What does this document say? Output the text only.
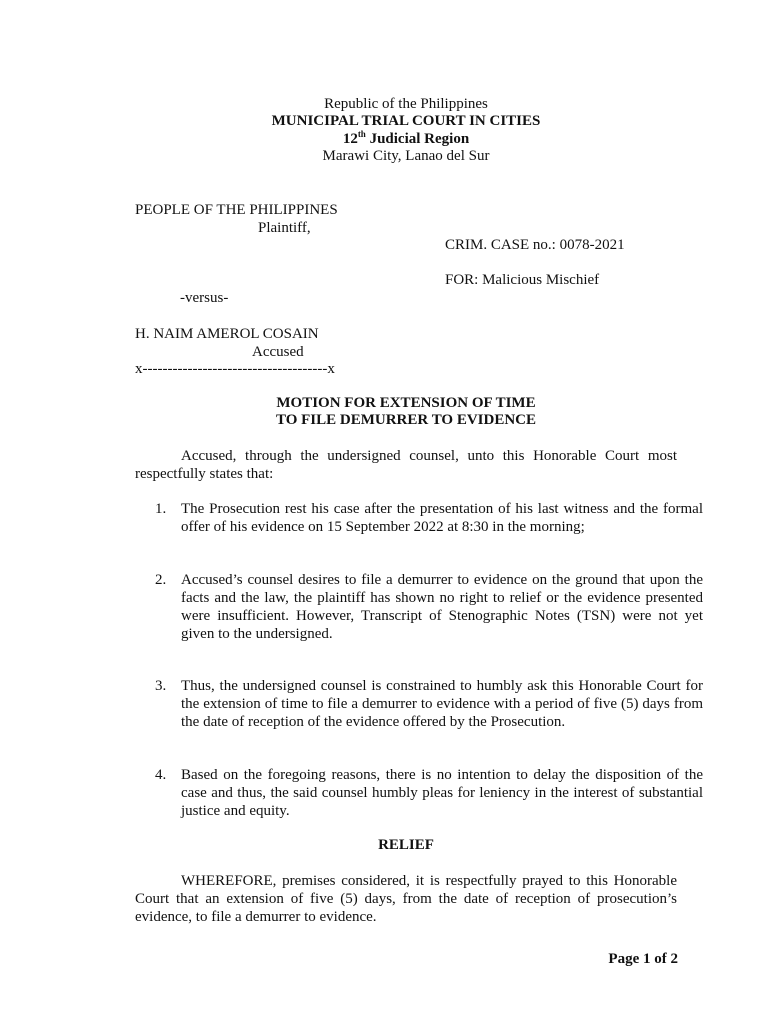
Republic of the Philippines
MUNICIPAL TRIAL COURT IN CITIES
12th Judicial Region
Marawi City, Lanao del Sur
PEOPLE OF THE PHILIPPINES
Plaintiff,
CRIM. CASE no.: 0078-2021
FOR: Malicious Mischief
-versus-
H. NAIM AMEROL COSAIN
Accused
x-------------------------------------x
MOTION FOR EXTENSION OF TIME
TO FILE DEMURRER TO EVIDENCE
Accused, through the undersigned counsel, unto this Honorable Court most respectfully states that:
1. The Prosecution rest his case after the presentation of his last witness and the formal offer of his evidence on 15 September 2022 at 8:30 in the morning;
2. Accused’s counsel desires to file a demurrer to evidence on the ground that upon the facts and the law, the plaintiff has shown no right to relief or the evidence presented were insufficient. However, Transcript of Stenographic Notes (TSN) were not yet given to the undersigned.
3. Thus, the undersigned counsel is constrained to humbly ask this Honorable Court for the extension of time to file a demurrer to evidence with a period of five (5) days from the date of reception of the evidence offered by the Prosecution.
4. Based on the foregoing reasons, there is no intention to delay the disposition of the case and thus, the said counsel humbly pleas for leniency in the interest of substantial justice and equity.
RELIEF
WHEREFORE, premises considered, it is respectfully prayed to this Honorable Court that an extension of five (5) days, from the date of reception of prosecution’s evidence, to file a demurrer to evidence.
Page 1 of 2
